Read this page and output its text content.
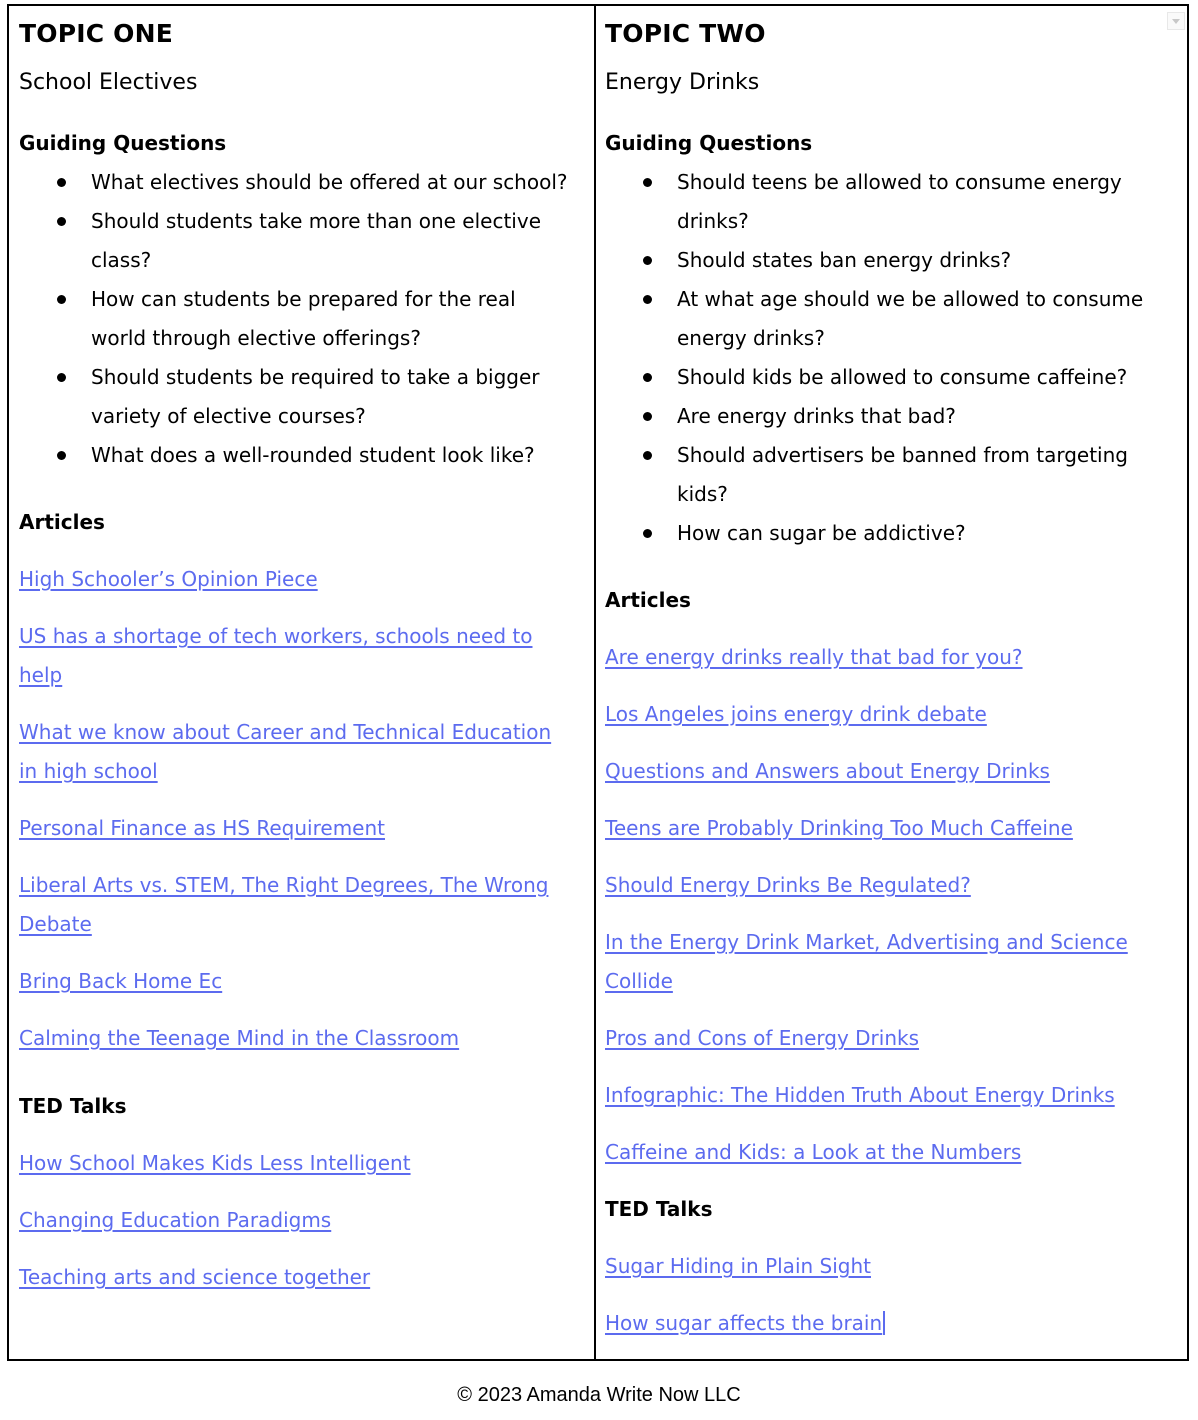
TOPIC ONE
School Electives
Guiding Questions
What electives should be offered at our school?
Should students take more than one elective
class?
How can students be prepared for the real
world through elective offerings?
Should students be required to take a bigger
variety of elective courses?
What does a well-rounded student look like?
Articles
High Schooler’s Opinion Piece
US has a shortage of tech workers, schools need to
help
What we know about Career and Technical Education
in high school
Personal Finance as HS Requirement
Liberal Arts vs. STEM, The Right Degrees, The Wrong
Debate
Bring Back Home Ec
Calming the Teenage Mind in the Classroom
TED Talks
How School Makes Kids Less Intelligent
Changing Education Paradigms
Teaching arts and science together
TOPIC TWO
Energy Drinks
Guiding Questions
Should teens be allowed to consume energy
drinks?
Should states ban energy drinks?
At what age should we be allowed to consume
energy drinks?
Should kids be allowed to consume caffeine?
Are energy drinks that bad?
Should advertisers be banned from targeting
kids?
How can sugar be addictive?
Articles
Are energy drinks really that bad for you?
Los Angeles joins energy drink debate
Questions and Answers about Energy Drinks
Teens are Probably Drinking Too Much Caffeine
Should Energy Drinks Be Regulated?
In the Energy Drink Market, Advertising and Science
Collide
Pros and Cons of Energy Drinks
Infographic: The Hidden Truth About Energy Drinks
Caffeine and Kids: a Look at the Numbers
TED Talks
Sugar Hiding in Plain Sight
How sugar affects the brain
© 2023 Amanda Write Now LLC
